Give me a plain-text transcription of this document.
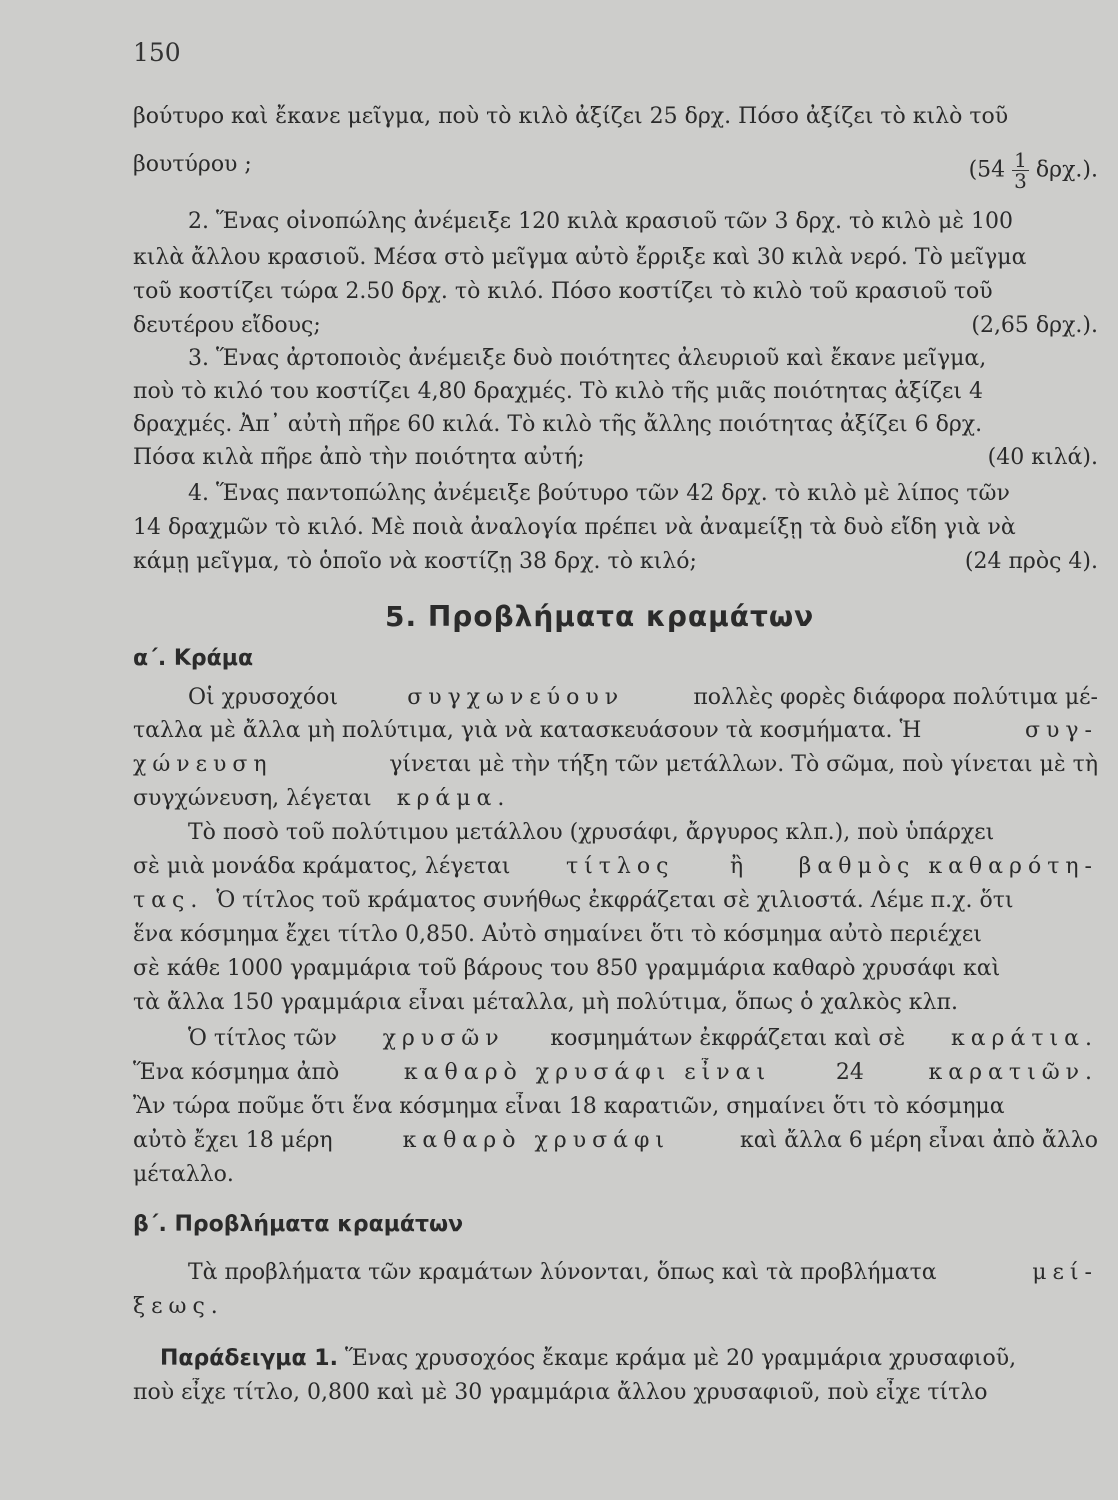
150
βούτυρο καὶ ἔκανε μεῖγμα, ποὺ τὸ κιλὸ ἀξίζει 25 δρχ. Πόσο ἀξίζει τὸ κιλὸ τοῦ
βουτύρου ;	$(54 \frac{1}{3} \delta\rho\chi.)$.
2. Ἕνας οἰνοπώλης ἀνέμειξε 120 κιλὰ κρασιοῦ τῶν 3 δρχ. τὸ κιλὸ μὲ 100
κιλὰ ἄλλου κρασιοῦ. Μέσα στὸ μεῖγμα αὐτὸ ἔρριξε καὶ 30 κιλὰ νερό. Τὸ μεῖγμα
τοῦ κοστίζει τώρα 2.50 δρχ. τὸ κιλό. Πόσο κοστίζει τὸ κιλὸ τοῦ κρασιοῦ τοῦ
δευτέρου εἴδους;	(2,65 δρχ.).
3. Ἕνας ἀρτοποιὸς ἀνέμειξε δυὸ ποιότητες ἀλευριοῦ καὶ ἔκανε μεῖγμα,
ποὺ τὸ κιλό του κοστίζει 4,80 δραχμές. Τὸ κιλὸ τῆς μιᾶς ποιότητας ἀξίζει 4
δραχμές. Ἀπ᾽ αὐτὴ πῆρε 60 κιλά. Τὸ κιλὸ τῆς ἄλλης ποιότητας ἀξίζει 6 δρχ.
Πόσα κιλὰ πῆρε ἀπὸ τὴν ποιότητα αὐτή;	(40 κιλά).
4. Ἕνας παντοπώλης ἀνέμειξε βούτυρο τῶν 42 δρχ. τὸ κιλὸ μὲ λίπος τῶν
14 δραχμῶν τὸ κιλό. Μὲ ποιὰ ἀναλογία πρέπει νὰ ἀναμείξῃ τὰ δυὸ εἴδη γιὰ νὰ
κάμῃ μεῖγμα, τὸ ὁποῖο νὰ κοστίζῃ 38 δρχ. τὸ κιλό;	(24 πρὸς 4).
5. Προβλήματα κραμάτων
α΄. Κράμα
Οἱ χρυσοχόοι	συγχωνεύουν	πολλὲς φορὲς διάφορα πολύτιμα μέ-
ταλλα μὲ ἄλλα μὴ πολύτιμα, γιὰ νὰ κατασκευάσουν τὰ κοσμήματα. Ἡ	συγ-
χώνευση	γίνεται μὲ τὴν τήξη τῶν μετάλλων. Τὸ σῶμα, ποὺ γίνεται μὲ τὴ
συγχώνευση, λέγεται κράμα.
Τὸ ποσὸ τοῦ πολύτιμου μετάλλου (χρυσάφι, ἄργυρος κλπ.), ποὺ ὑπάρχει
σὲ μιὰ μονάδα κράματος, λέγεται	τίτλος	ἢ	βαθμὸς καθαρότη-
τας. Ὁ τίτλος τοῦ κράματος συνήθως ἐκφράζεται σὲ χιλιοστά. Λέμε π.χ. ὅτι
ἕνα κόσμημα ἔχει τίτλο 0,850. Αὐτὸ σημαίνει ὅτι τὸ κόσμημα αὐτὸ περιέχει
σὲ κάθε 1000 γραμμάρια τοῦ βάρους του 850 γραμμάρια καθαρὸ χρυσάφι καὶ
τὰ ἄλλα 150 γραμμάρια εἶναι μέταλλα, μὴ πολύτιμα, ὅπως ὁ χαλκὸς κλπ.
Ὁ τίτλος τῶν χρυσῶν κοσμημάτων ἐκφράζεται καὶ σὲ καράτια.
Ἕνα κόσμημα ἀπὸ	καθαρὸ χρυσάφι εἶναι	24	καρατιῶν.
Ἂν τώρα ποῦμε ὅτι ἕνα κόσμημα εἶναι 18 καρατιῶν, σημαίνει ὅτι τὸ κόσμημα
αὐτὸ ἔχει 18 μέρη	καθαρὸ χρυσάφι	καὶ ἄλλα 6 μέρη εἶναι ἀπὸ ἄλλο
μέταλλο.
β΄. Προβλήματα κραμάτων
Τὰ προβλήματα τῶν κραμάτων λύνονται, ὅπως καὶ τὰ προβλήματα	μεί-
ξεως.
Παράδειγμα 1. Ἕνας χρυσοχόος ἔκαμε κράμα μὲ 20 γραμμάρια χρυσαφιοῦ,
ποὺ εἶχε τίτλο, 0,800 καὶ μὲ 30 γραμμάρια ἄλλου χρυσαφιοῦ, ποὺ εἶχε τίτλο
